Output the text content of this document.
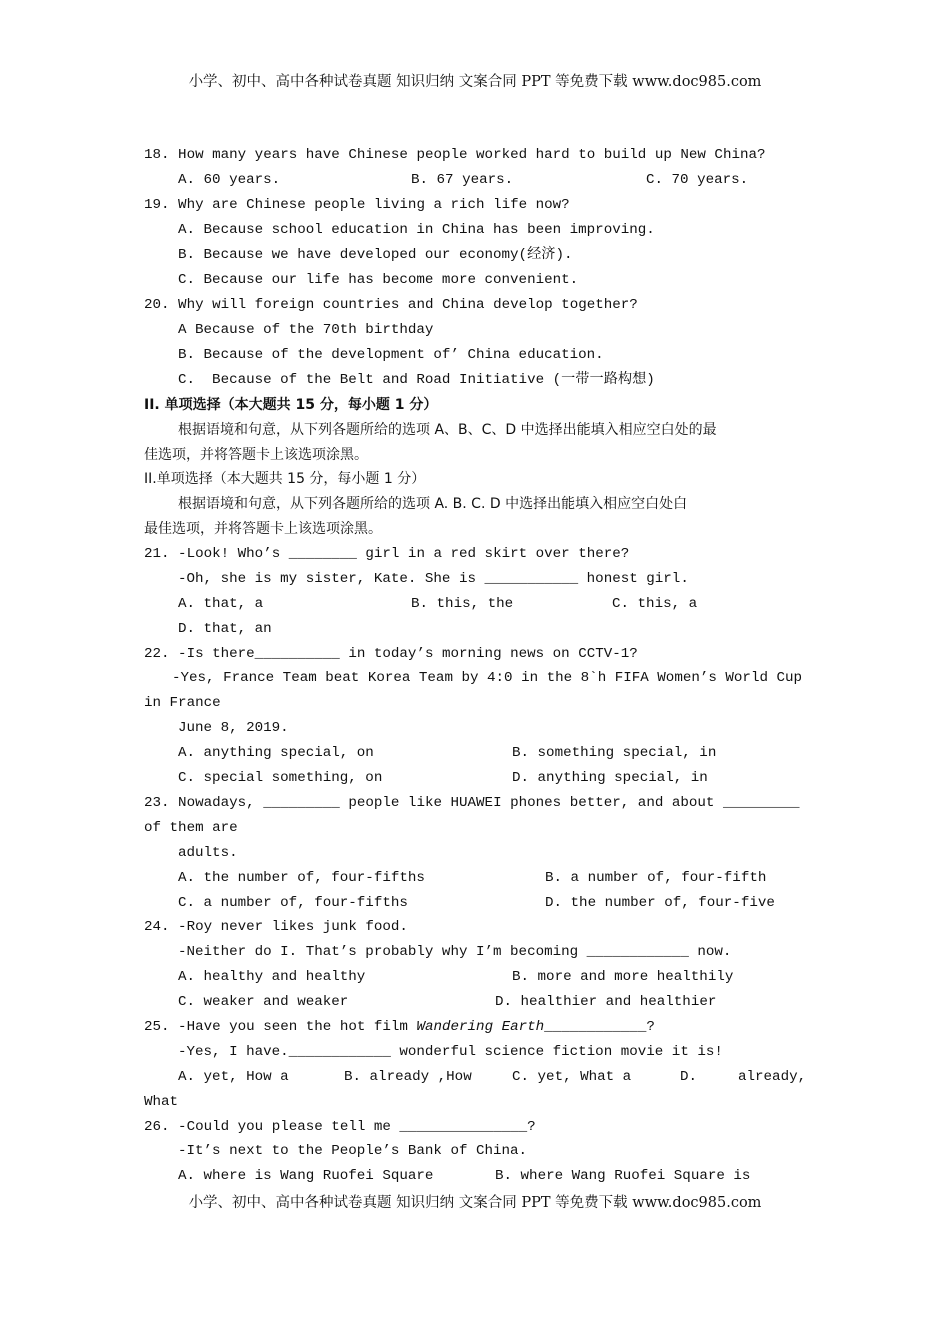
小学、初中、高中各种试卷真题 知识归纳 文案合同 PPT 等免费下载 www.doc985.com
18. How many years have Chinese people worked hard to build up New China?
A. 60 years.	B. 67 years.	C. 70 years.
19. Why are Chinese people living a rich life now?
A. Because school education in China has been improving.
B. Because we have developed our economy(经济).
C. Because our life has become more convenient.
20. Why will foreign countries and China develop together?
A Because of the 70th birthday
B. Because of the development of’ China education.
C.  Because of the Belt and Road Initiative (一带一路构想)
II. 单项选择（本大题共 15 分，每小题 1 分）
根据语境和句意，从下列各题所给的选项 A、B、C、D 中选择出能填入相应空白处的最
佳选项，并将答题卡上该选项涂黑。
II.单项选择（本大题共 15 分，每小题 1 分）
根据语境和句意，从下列各题所给的选项 A. B. C. D 中选择出能填入相应空白处白
最佳选项，并将答题卡上该选项涂黑。
21. -Look! Who’s ________ girl in a red skirt over there?
-Oh, she is my sister, Kate. She is ___________ honest girl.
A. that, a	B. this, the	C. this, a
D. that, an
22. -Is there__________ in today’s morning news on CCTV-1?
-Yes, France Team beat Korea Team by 4:0 in the 8`h FIFA Women’s World Cup
in France
June 8, 2019.
A. anything special, on	B. something special, in
C. special something, on	D. anything special, in
23. Nowadays, _________ people like HUAWEI phones better, and about _________
of them are
adults.
A. the number of, four-fifths	B. a number of, four-fifth
C. a number of, four-fifths	D. the number of, four-five
24. -Roy never likes junk food.
-Neither do I. That’s probably why I’m becoming ____________ now.
A. healthy and healthy	B. more and more healthily
C. weaker and weaker	D. healthier and healthier
25. -Have you seen the hot film Wandering Earth____________?
-Yes, I have.____________ wonderful science fiction movie it is!
A. yet, How a	B. already ,How	C. yet, What a	D.	already,
What
26. -Could you please tell me _______________?
-It’s next to the People’s Bank of China.
A. where is Wang Ruofei Square	B. where Wang Ruofei Square is
小学、初中、高中各种试卷真题 知识归纳 文案合同 PPT 等免费下载 www.doc985.com
